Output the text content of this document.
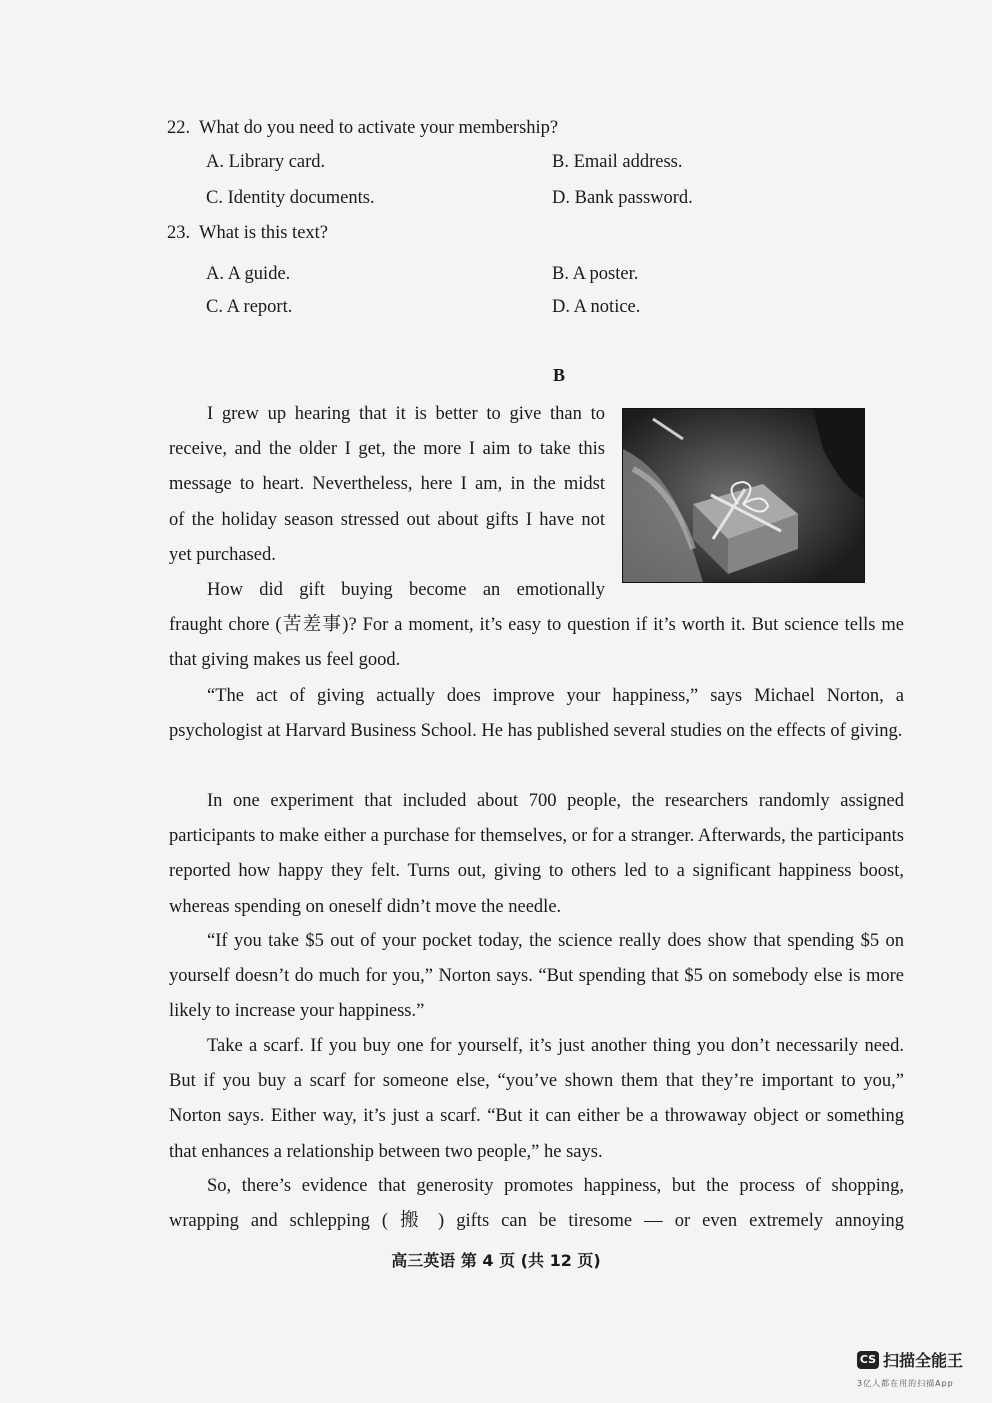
22. What do you need to activate your membership?
A. Library card.	B. Email address.
C. Identity documents.	D. Bank password.
23. What is this text?
A. A guide.	B. A poster.
C. A report.	D. A notice.
B
I grew up hearing that it is better to give than to
receive, and the older I get, the more I aim to take this
message to heart. Nevertheless, here I am, in the midst
of the holiday season stressed out about gifts I have not
yet purchased.
How did gift buying become an emotionally
fraught chore (苦差事)? For a moment, it’s easy to question if it’s worth it. But science tells me
that giving makes us feel good.
“The act of giving actually does improve your happiness,” says Michael Norton, a psychologist at Harvard Business School. He has published several studies on the effects of giving.
In one experiment that included about 700 people, the researchers randomly assigned participants to make either a purchase for themselves, or for a stranger. Afterwards, the participants reported how happy they felt. Turns out, giving to others led to a significant happiness boost, whereas spending on oneself didn’t move the needle.
“If you take $5 out of your pocket today, the science really does show that spending $5 on yourself doesn’t do much for you,” Norton says. “But spending that $5 on somebody else is more likely to increase your happiness.”
Take a scarf. If you buy one for yourself, it’s just another thing you don’t necessarily need. But if you buy a scarf for someone else, “you’ve shown them that they’re important to you,” Norton says. Either way, it’s just a scarf. “But it can either be a throwaway object or something that enhances a relationship between two people,” he says.
So, there’s evidence that generosity promotes happiness, but the process of shopping, wrapping and schlepping ( 搬 ) gifts can be tiresome — or even extremely annoying
高三英语 第 4 页 (共 12 页)
CS 扫描全能王
3亿人都在用的扫描App
